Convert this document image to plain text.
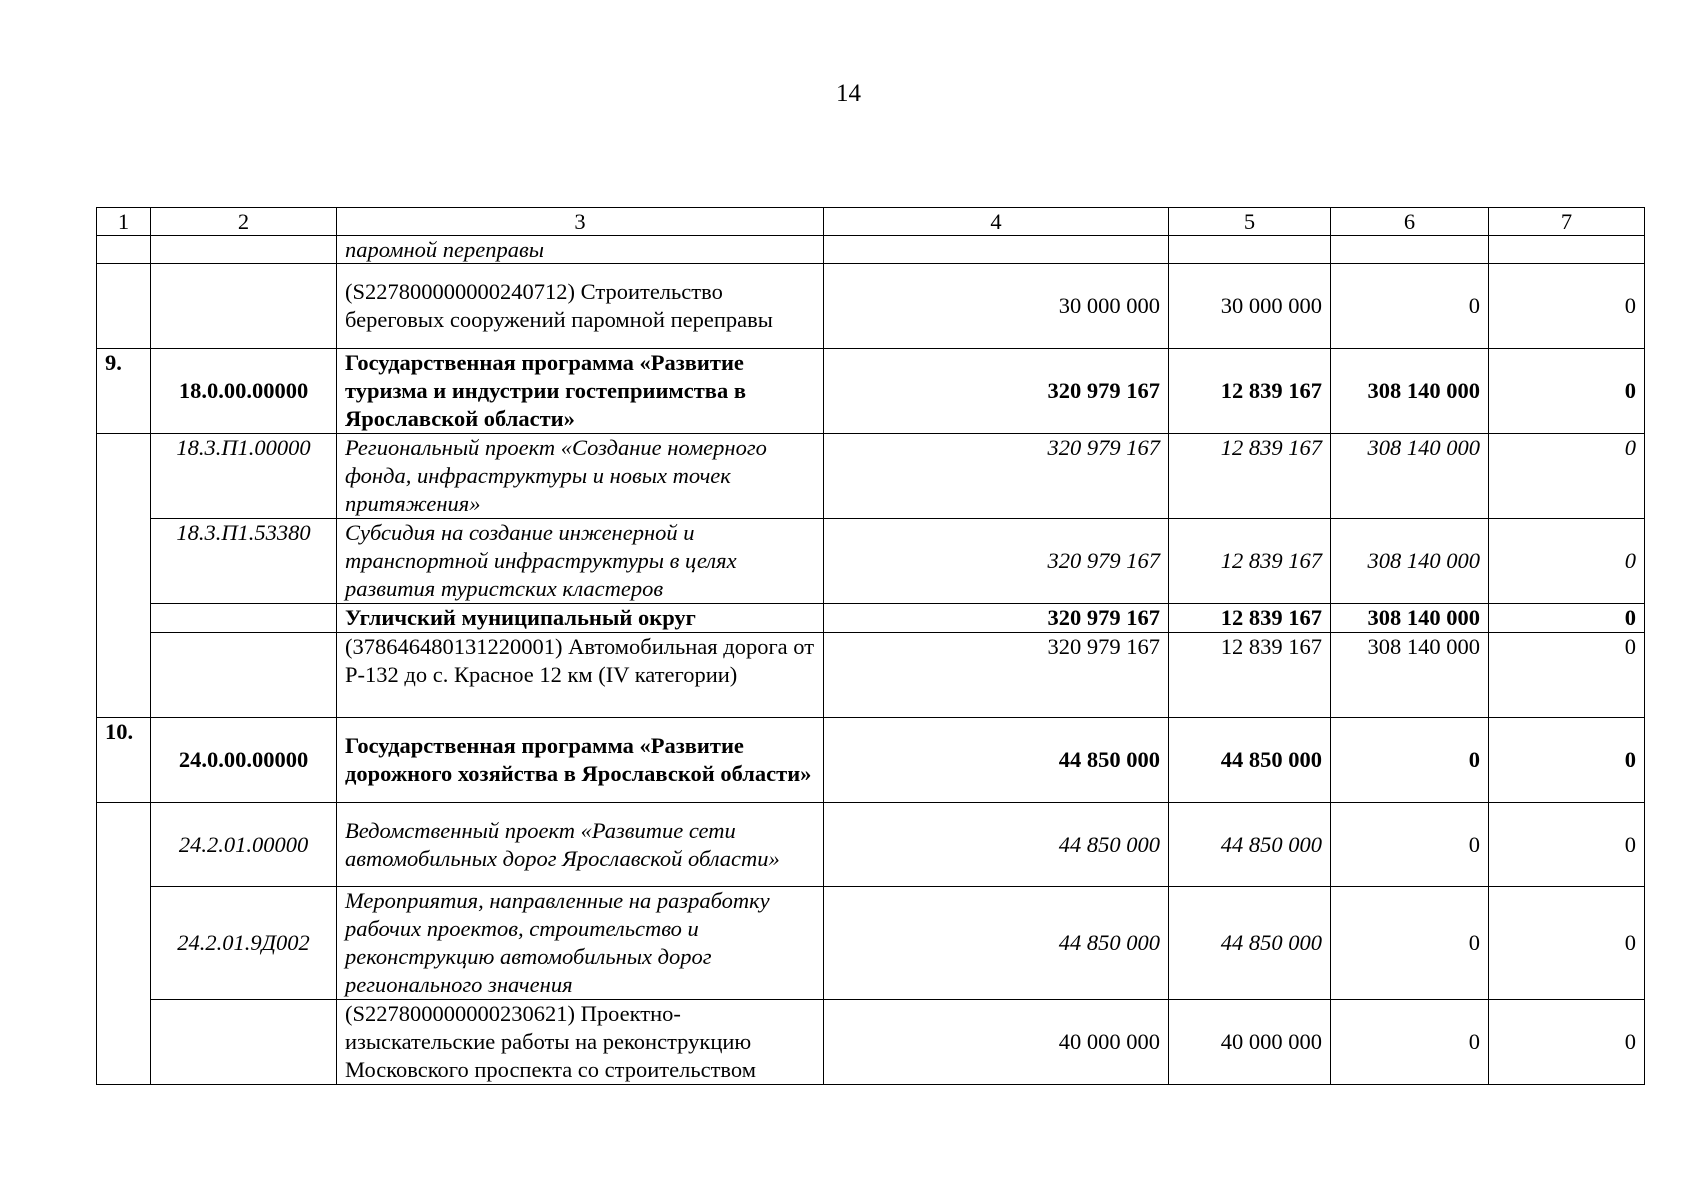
14
1	2	3	4	5	6	7
		паромной переправы				
		(S227800000000240712) Строительство береговых сооружений паромной переправы	30 000 000	30 000 000	0	0
9.	18.0.00.00000	Государственная программа «Развитие туризма и индустрии гостеприимства в Ярославской области»	320 979 167	12 839 167	308 140 000	0
	18.3.П1.00000	Региональный проект «Создание номерного фонда, инфраструктуры и новых точек притяжения»	320 979 167	12 839 167	308 140 000	0
	18.3.П1.53380	Субсидия на создание инженерной и транспортной инфраструктуры в целях развития туристских кластеров	320 979 167	12 839 167	308 140 000	0
		Угличский муниципальный округ	320 979 167	12 839 167	308 140 000	0
		(378646480131220001) Автомобильная дорога от Р-132 до с. Красное 12 км (IV категории)	320 979 167	12 839 167	308 140 000	0
10.	24.0.00.00000	Государственная программа «Развитие дорожного хозяйства в Ярославской области»	44 850 000	44 850 000	0	0
	24.2.01.00000	Ведомственный проект «Развитие сети автомобильных дорог Ярославской области»	44 850 000	44 850 000	0	0
	24.2.01.9Д002	Мероприятия, направленные на разработку рабочих проектов, строительство и реконструкцию автомобильных дорог регионального значения	44 850 000	44 850 000	0	0
		(S227800000000230621) Проектно-изыскательские работы на реконструкцию Московского проспекта со строительством	40 000 000	40 000 000	0	0
